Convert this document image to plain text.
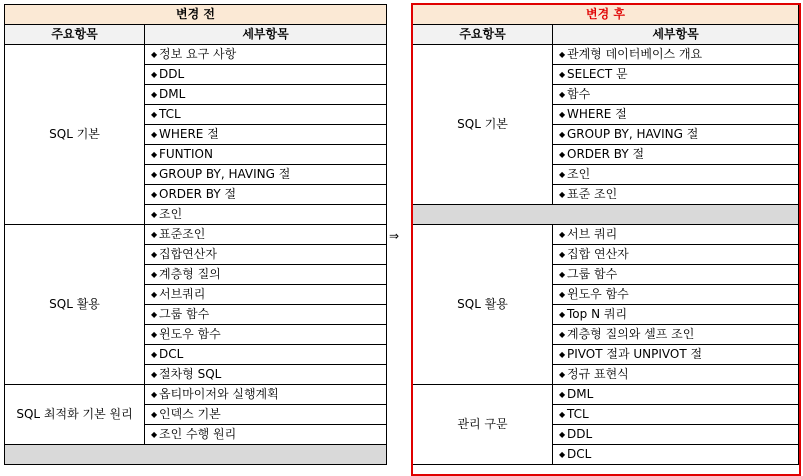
변경 전	
주요항목	세부항목
SQL 기본	◆ 정보 요구 사항
	◆ DDL
	◆ DML
	◆ TCL
	◆ WHERE 절
	◆ FUNTION
	◆ GROUP BY, HAVING 절
	◆ ORDER BY 절
	◆ 조인
SQL 활용	◆ 표준조인
	◆ 집합연산자
	◆ 계층형 질의
	◆ 서브쿼리
	◆ 그룹 함수
	◆ 윈도우 함수
	◆ DCL
	◆ 절차형 SQL
SQL 최적화 기본 원리	◆ 옵티마이저와 실행계획
	◆ 인덱스 기본
	◆ 조인 수행 원리

⇒
변경 후	
주요항목	세부항목
SQL 기본	◆ 관계형 데이터베이스 개요
	◆ SELECT 문
	◆ 함수
	◆ WHERE 절
	◆ GROUP BY, HAVING 절
	◆ ORDER BY 절
	◆ 조인
	◆ 표준 조인

SQL 활용	◆ 서브 쿼리
	◆ 집합 연산자
	◆ 그룹 함수
	◆ 윈도우 함수
	◆ Top N 쿼리
	◆ 계층형 질의와 셀프 조인
	◆ PIVOT 절과 UNPIVOT 절
	◆ 정규 표현식
관리 구문	◆ DML
	◆ TCL
	◆ DDL
	◆ DCL
